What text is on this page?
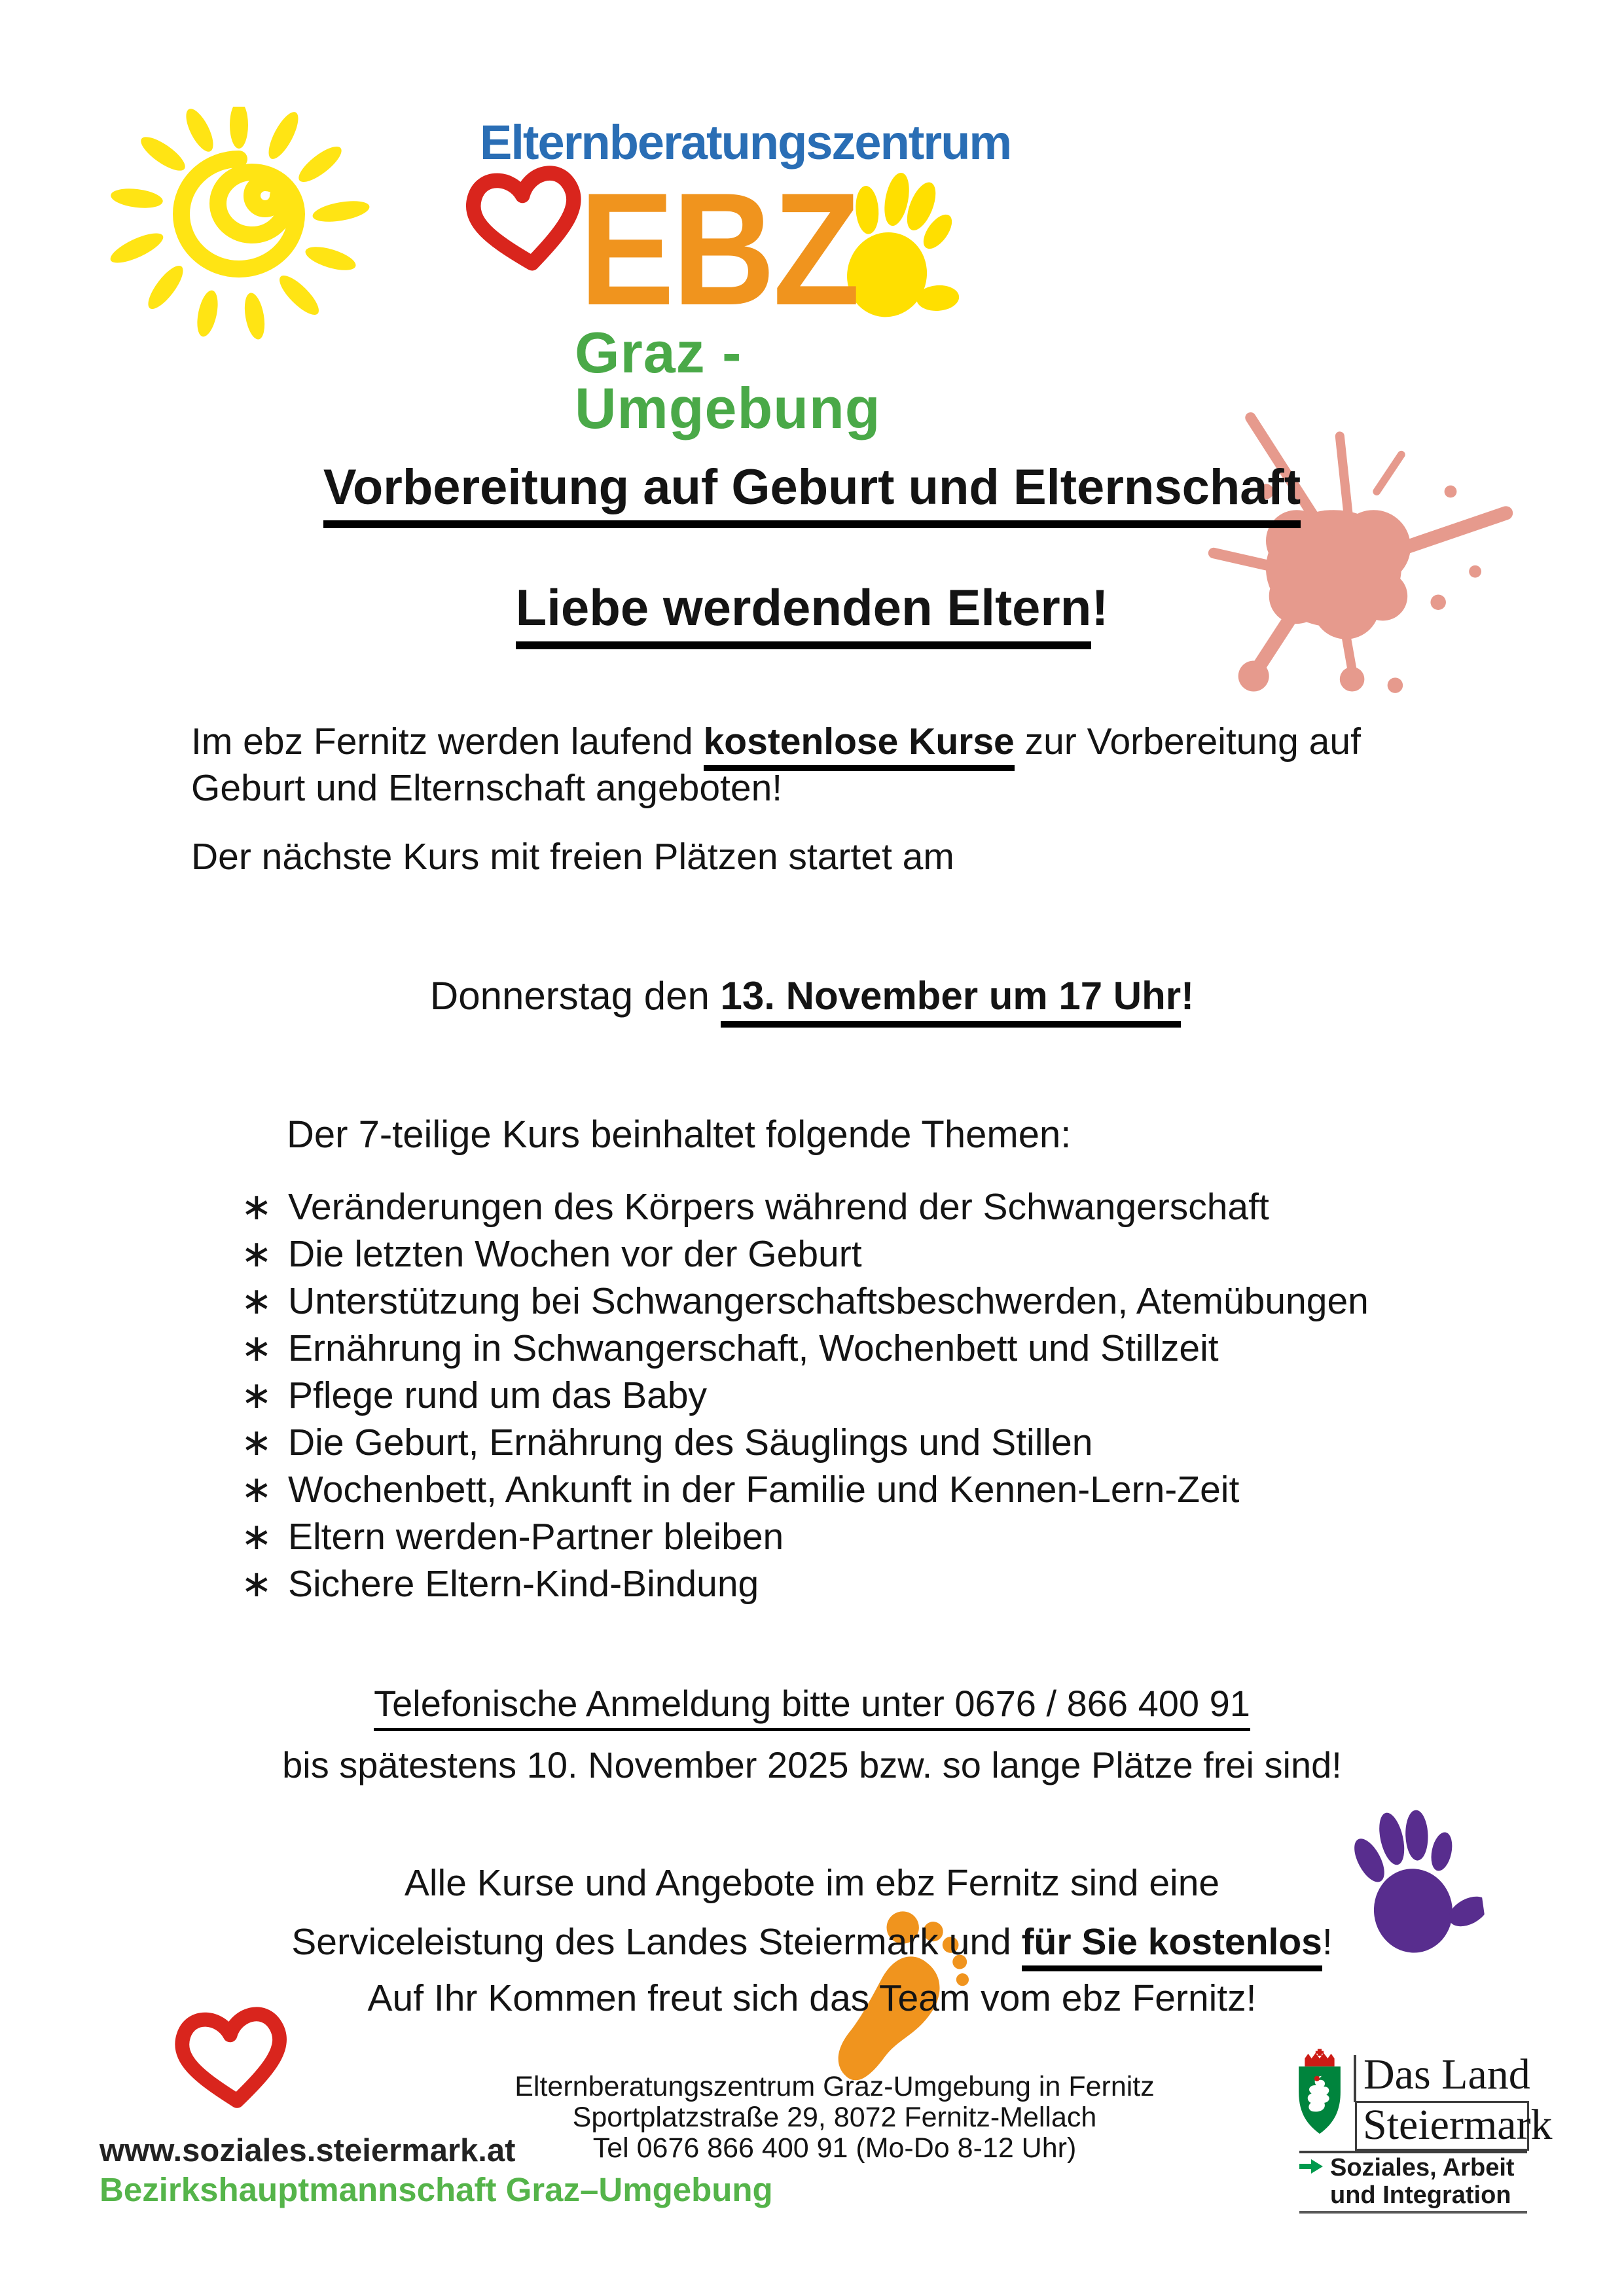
Elternberatungszentrum
EBZ
Graz -
Umgebung
Vorbereitung auf Geburt und Elternschaft
Liebe werdenden Eltern!
Im ebz Fernitz werden laufend kostenlose Kurse zur Vorbereitung auf
Geburt und Elternschaft angeboten!
Der nächste Kurs mit freien Plätzen startet am
Donnerstag den 13. November um 17 Uhr!
Der 7-teilige Kurs beinhaltet folgende Themen:
∗ Veränderungen des Körpers während der Schwangerschaft
∗ Die letzten Wochen vor der Geburt
∗ Unterstützung bei Schwangerschaftsbeschwerden, Atemübungen
∗ Ernährung in Schwangerschaft, Wochenbett und Stillzeit
∗ Pflege rund um das Baby
∗ Die Geburt, Ernährung des Säuglings und Stillen
∗ Wochenbett, Ankunft in der Familie und Kennen-Lern-Zeit
∗ Eltern werden-Partner bleiben
∗ Sichere Eltern-Kind-Bindung
Telefonische Anmeldung bitte unter 0676 / 866 400 91
bis spätestens 10. November 2025 bzw. so lange Plätze frei sind!
Alle Kurse und Angebote im ebz Fernitz sind eine
Serviceleistung des Landes Steiermark und für Sie kostenlos!
Auf Ihr Kommen freut sich das Team vom ebz Fernitz!
Elternberatungszentrum Graz-Umgebung in Fernitz
Sportplatzstraße 29, 8072 Fernitz-Mellach
Tel 0676 866 400 91 (Mo-Do 8-12 Uhr)
www.soziales.steiermark.at
Bezirkshauptmannschaft Graz–Umgebung
Das Land
Steiermark
Soziales, Arbeit
und Integration
